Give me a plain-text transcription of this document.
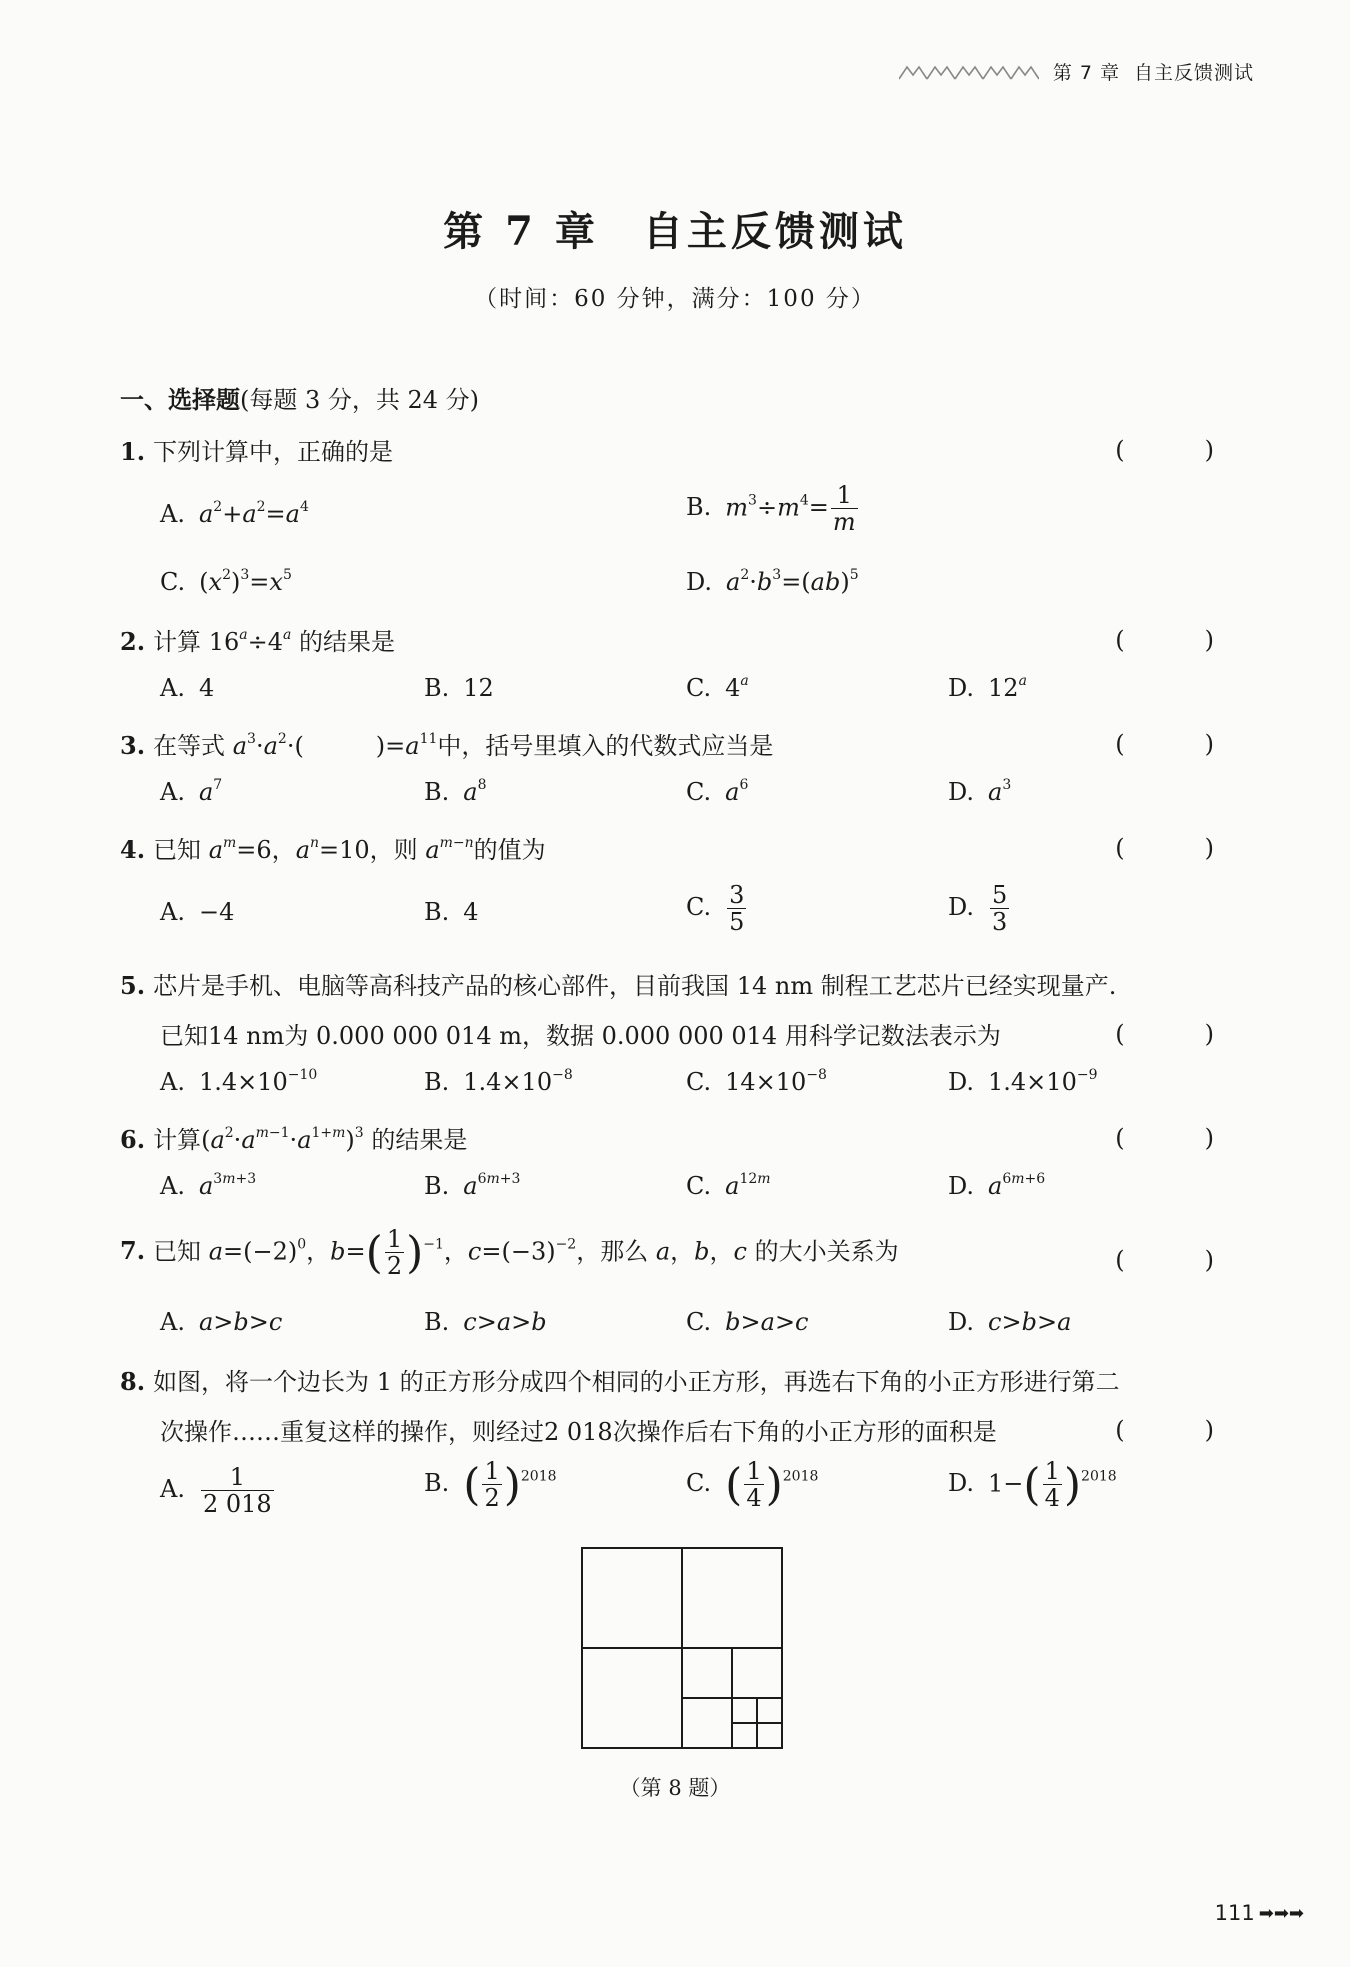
第 7 章 自主反馈测试
第 7 章　自主反馈测试
（时间：60 分钟，满分：100 分）
一、选择题(每题 3 分，共 24 分)
1. 下列计算中，正确的是	(　)
A. $a^2+a^2=a^4$	B. $m^3\div m^4= \frac{1}{m}$
C. $(x^2)^3=x^5$	D. $a^2\cdot b^3=(ab)^5$
2. 计算 $16^a\div 4^a$ 的结果是	(　)
A. 4	B. 12	C. 4$^a$	D. 12$^a$
3. 在等式 $a^3\cdot a^2\cdot$(　　　)$=a^{11}$中，括号里填入的代数式应当是	(　)
A. $a^7$	B. $a^8$	C. $a^6$	D. $a^3$
4. 已知 $a^m=6$，$a^n=10$，则 $a^{m-n}$的值为	(　)
A. −4	B. 4	C. $\frac{3}{5}$	D. $\frac{5}{3}$
5. 芯片是手机、电脑等高科技产品的核心部件，目前我国 14 nm 制程工艺芯片已经实现量产.
已知14 nm为 0.000 000 014 m，数据 0.000 000 014 用科学记数法表示为	(　)
A. $1.4\times 10^{-10}$	B. $1.4\times 10^{-8}$	C. $14\times 10^{-8}$	D. $1.4\times 10^{-9}$
6. 计算$(a^2\cdot a^{m-1}\cdot a^{1+m})^3$ 的结果是	(　)
A. $a^{3m+3}$	B. $a^{6m+3}$	C. $a^{12m}$	D. $a^{6m+6}$
7. 已知 $a=(-2)^0$，$b=( \frac{1}{2} )^{-1}$，$c=(-3)^{-2}$，那么 a，b，c 的大小关系为	(　)
A. a>b>c	B. c>a>b	C. b>a>c	D. c>b>a
8. 如图，将一个边长为 1 的正方形分成四个相同的小正方形，再选右下角的小正方形进行第二
次操作……重复这样的操作，则经过2 018次操作后右下角的小正方形的面积是	(　)
A. $\frac{1}{2 018}$	B. ( $\frac{1}{2} )^{2018}$	C. ( $\frac{1}{4} )^{2018}$	D. $1-( \frac{1}{4} )^{2018}$
（第 8 题）
111 ➡➡➡
